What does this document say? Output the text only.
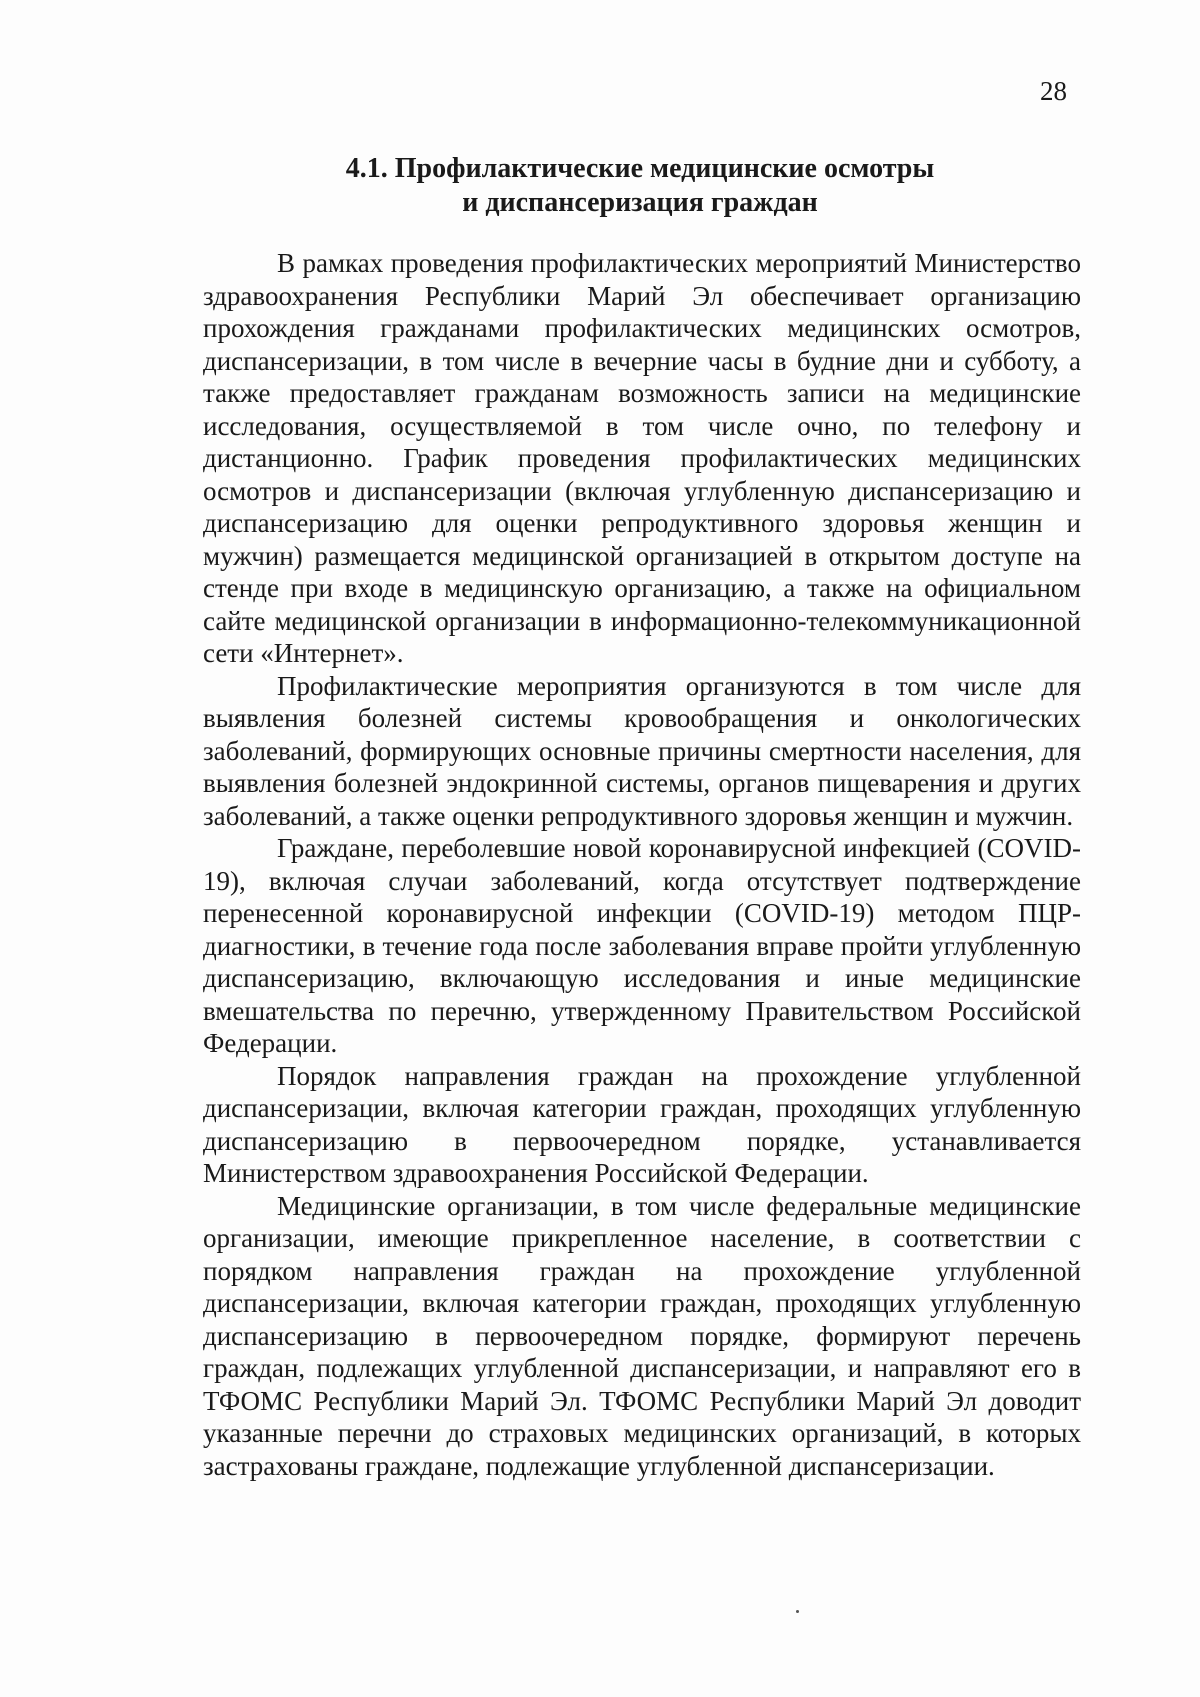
28
4.1. Профилактические медицинские осмотры
и диспансеризация граждан

В рамках проведения профилактических мероприятий Министерство здравоохранения Республики Марий Эл обеспечивает организацию прохождения гражданами профилактических медицинских осмотров, диспансеризации, в том числе в вечерние часы в будние дни и субботу, а также предоставляет гражданам возможность записи на медицинские исследования, осуществляемой в том числе очно, по телефону и дистанционно. График проведения профилактических медицинских осмотров и диспансеризации (включая углубленную диспансеризацию и диспансеризацию для оценки репродуктивного здоровья женщин и мужчин) размещается медицинской организацией в открытом доступе на стенде при входе в медицинскую организацию, а также на официальном сайте медицинской организации в информационно-телекоммуникационной сети «Интернет».

Профилактические мероприятия организуются в том числе для выявления болезней системы кровообращения и онкологических заболеваний, формирующих основные причины смертности населения, для выявления болезней эндокринной системы, органов пищеварения и других заболеваний, а также оценки репродуктивного здоровья женщин и мужчин.

Граждане, переболевшие новой коронавирусной инфекцией (COVID-19), включая случаи заболеваний, когда отсутствует подтверждение перенесенной коронавирусной инфекции (COVID-19) методом ПЦР-диагностики, в течение года после заболевания вправе пройти углубленную диспансеризацию, включающую исследования и иные медицинские вмешательства по перечню, утвержденному Правительством Российской Федерации.

Порядок направления граждан на прохождение углубленной диспансеризации, включая категории граждан, проходящих углубленную диспансеризацию в первоочередном порядке, устанавливается Министерством здравоохранения Российской Федерации.

Медицинские организации, в том числе федеральные медицинские организации, имеющие прикрепленное население, в соответствии с порядком направления граждан на прохождение углубленной диспансеризации, включая категории граждан, проходящих углубленную диспансеризацию в первоочередном порядке, формируют перечень граждан, подлежащих углубленной диспансеризации, и направляют его в ТФОМС Республики Марий Эл. ТФОМС Республики Марий Эл доводит указанные перечни до страховых медицинских организаций, в которых застрахованы граждане, подлежащие углубленной диспансеризации.
